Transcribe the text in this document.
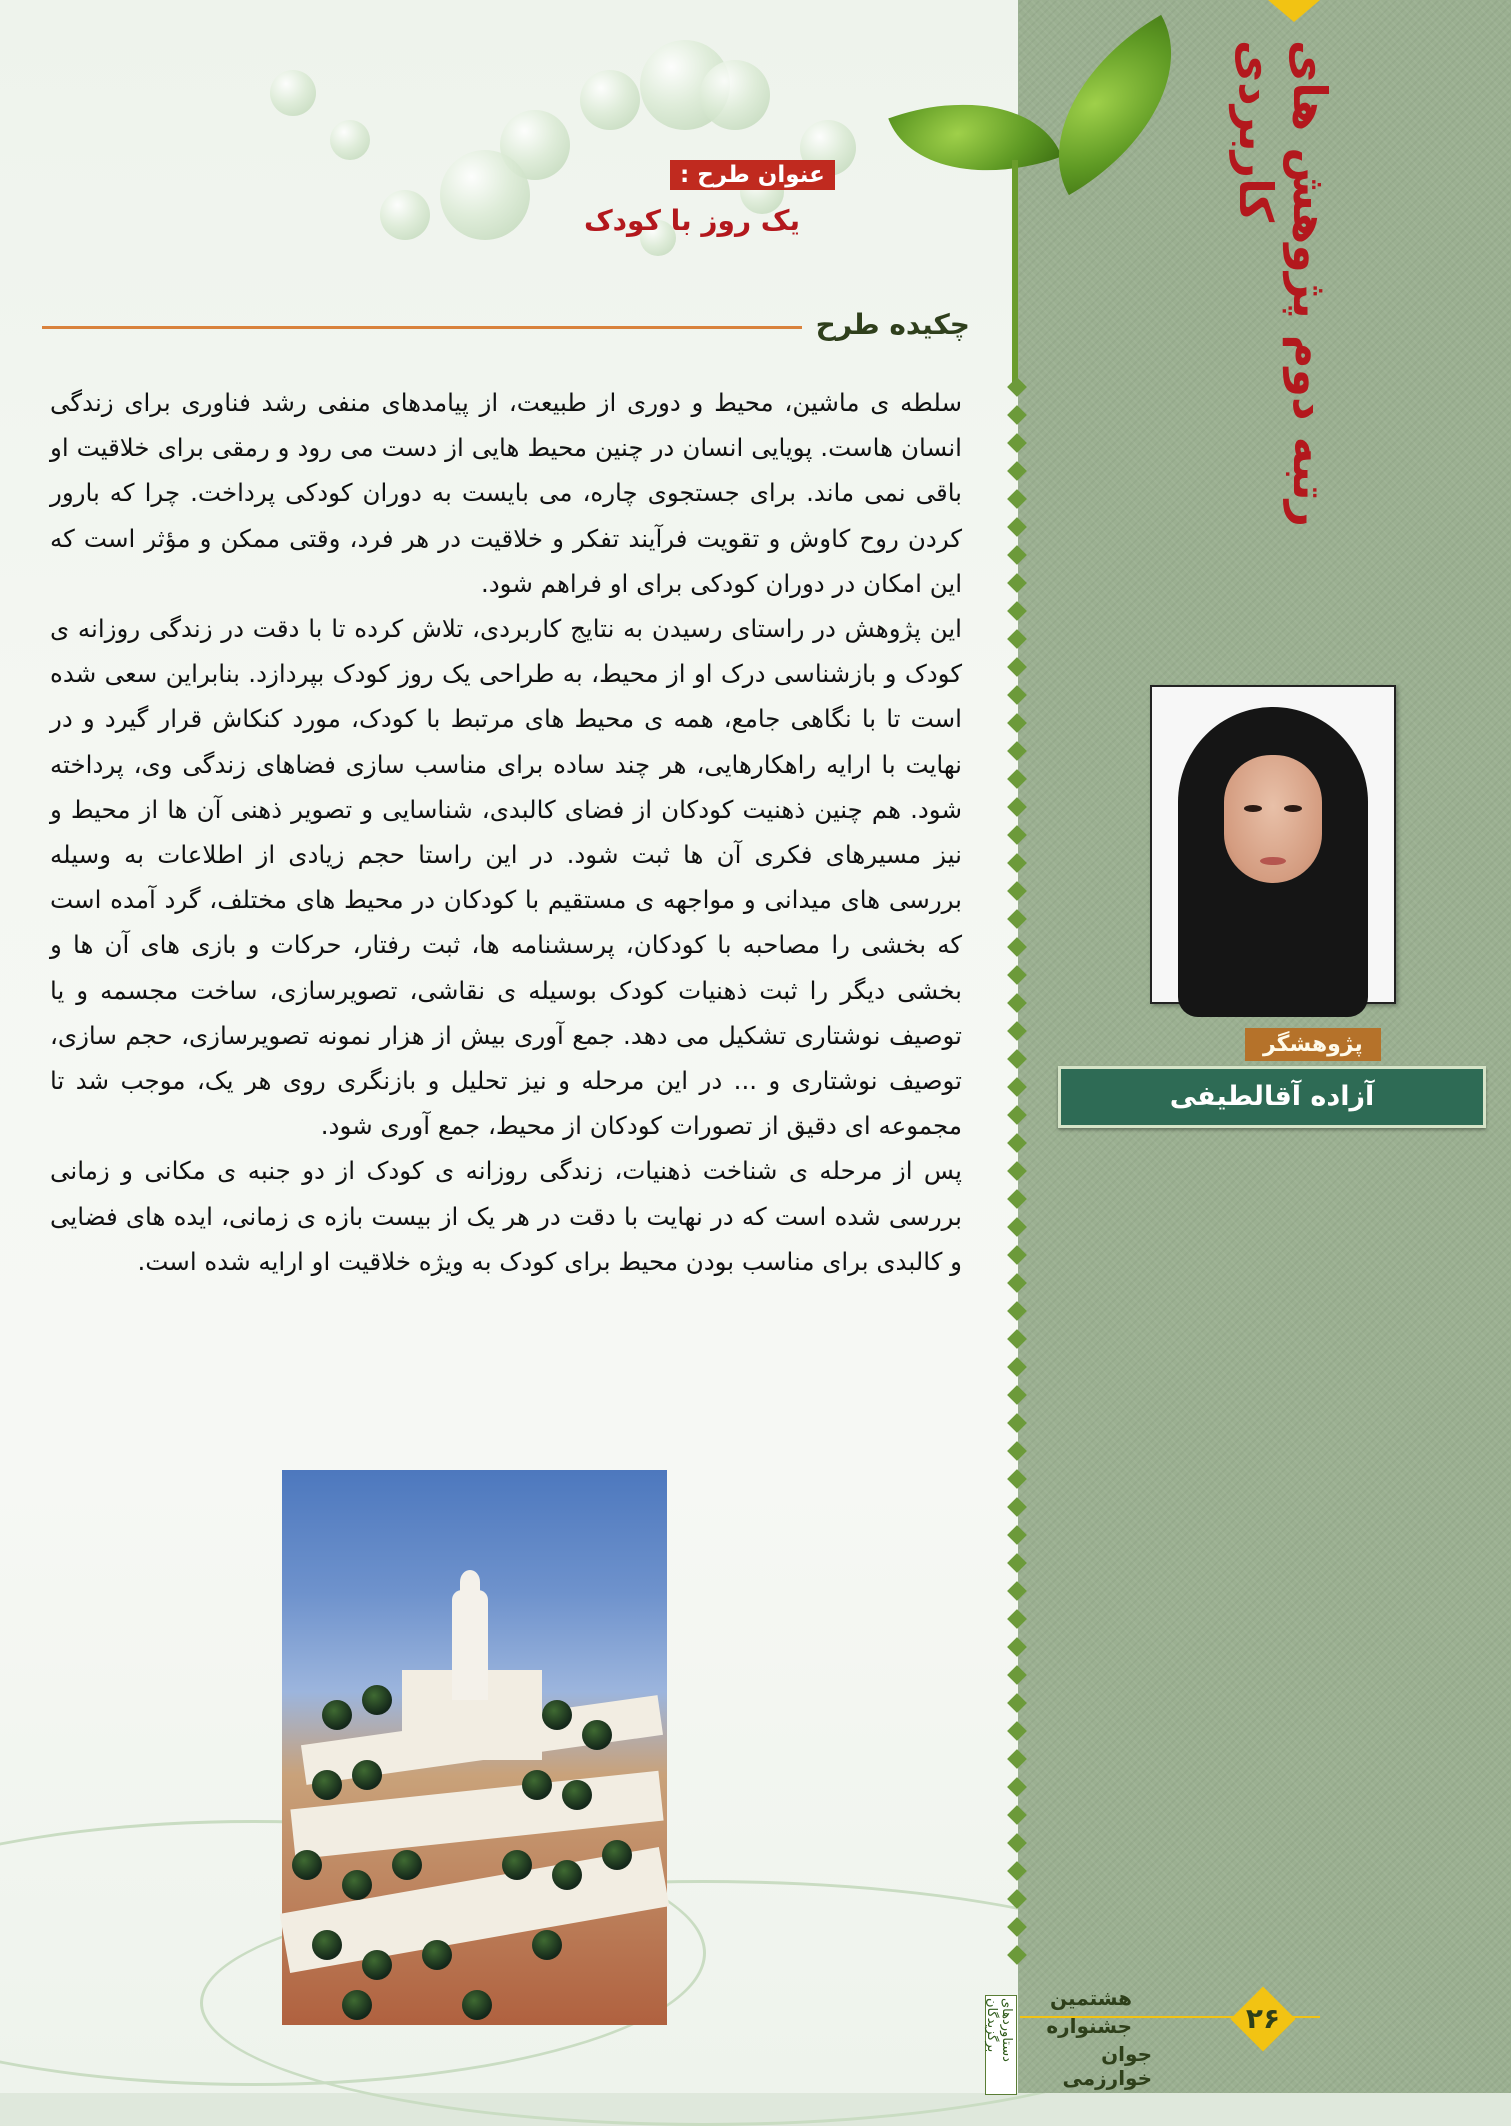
رتبه دوم پژوهش های کاربردی
پژوهشگر
آزاده آقالطیفی
عنوان طرح :
یک روز با کودک
چکیده طرح

سلطه ی ماشین، محیط و دوری از طبیعت، از پیامدهای منفی رشد فناوری برای زندگی انسان هاست. پویایی انسان در چنین محیط هایی از دست می رود و رمقی برای خلاقیت او باقی نمی ماند. برای جستجوی چاره، می بایست به دوران کودکی پرداخت. چرا که بارور کردن روح کاوش و تقویت فرآیند تفکر و خلاقیت در هر فرد، وقتی ممکن و مؤثر است که این امکان در دوران کودکی برای او فراهم شود.

این پژوهش در راستای رسیدن به نتایج کاربردی، تلاش کرده تا با دقت در زندگی روزانه ی کودک و بازشناسی درک او از محیط، به طراحی یک روز کودک بپردازد. بنابراین سعی شده است تا با نگاهی جامع، همه ی محیط های مرتبط با کودک، مورد کنکاش قرار گیرد و در نهایت با ارایه راهکارهایی، هر چند ساده برای مناسب سازی فضاهای زندگی وی، پرداخته شود. هم چنین ذهنیت کودکان از فضای کالبدی، شناسایی و تصویر ذهنی آن ها از محیط و نیز مسیرهای فکری آن ها ثبت شود. در این راستا حجم زیادی از اطلاعات به وسیله بررسی های میدانی و مواجهه ی مستقیم با کودکان در محیط های مختلف، گرد آمده است که بخشی را مصاحبه با کودکان، پرسشنامه ها، ثبت رفتار، حرکات و بازی های آن ها و بخشی دیگر را ثبت ذهنیات کودک بوسیله ی نقاشی، تصویرسازی، ساخت مجسمه و یا توصیف نوشتاری تشکیل می دهد. جمع آوری بیش از هزار نمونه تصویرسازی، حجم سازی، توصیف نوشتاری و ... در این مرحله و نیز تحلیل و بازنگری روی هر یک، موجب شد تا مجموعه ای دقیق از تصورات کودکان از محیط، جمع آوری شود.

پس از مرحله ی شناخت ذهنیات، زندگی روزانه ی کودک از دو جنبه ی مکانی و زمانی بررسی شده است که در نهایت با دقت در هر یک از بیست بازه ی زمانی، ایده های فضایی و کالبدی برای مناسب بودن محیط برای کودک به ویژه خلاقیت او ارایه شده است.

دستاوردهای برگزیدگان	هشتمین
جشنواره
جوان خوارزمی
۲۶
